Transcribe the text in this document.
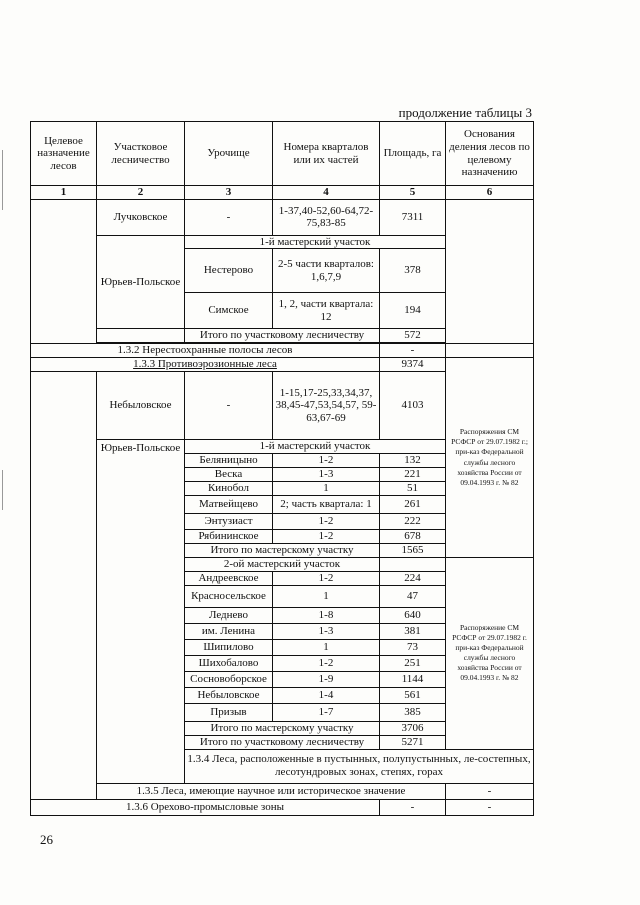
продолжение таблицы 3
Целевое назначение лесов	Участковое лесничество	Урочище	Номера кварталов или их частей	Площадь, га	Основания деления лесов по целевому назначению	
1	2	3	4	5	6	
	Лучковское	-	1-37,40-52,60-64,72-75,83-85	7311		
	Юрьев-Польское	1-й мастерский участок				
		Нестерово	2-5 части кварталов: 1,6,7,9	378		
		Симское	1, 2, части квартала: 12	194		
		Итого по участковому лесничеству		572		

1.3.2 Нерестоохранные полосы лесов				-		
1.3.3 Противоэрозионные леса				9374	Распоряжения СМ РСФСР от 29.07.1982 г.; при-каз Федеральной службы лесного хозяйства России от 09.04.1993 г. № 82	
	Небыловское	-	1-15,17-25,33,34,37, 38,45-47,53,54,57, 59-63,67-69	4103		
	Юрьев-Польское	1-й мастерский участок				
		Беляницыно	1-2	132		
		Веска	1-3	221		
		Кинобол	1	51		
		Матвейщево	2; часть квартала: 1	261		
		Энтузиаст	1-2	222		
		Рябининское	1-2	678		
		Итого по мастерскому участку		1565		
		2-ой мастерский участок			Распоряжение СМ РСФСР от 29.07.1982 г. при-каз Федеральной службы лесного хозяйства России от 09.04.1993 г. № 82	
		Андреевское	1-2	224		
		Красносельское	1	47		
		Леднево	1-8	640		
		им. Ленина	1-3	381		
		Шипилово	1	73		
		Шихобалово	1-2	251		
		Сосновоборское	1-9	1144		
		Небыловское	1-4	561		
		Призыв	1-7	385		
		Итого по мастерскому участку		3706		
		Итого по участковому лесничеству		5271		

		1.3.4 Леса, расположенные в пустынных, полупустынных, ле-состепных, лесотундровых зонах, степях, горах		
	1.3.5 Леса, имеющие научное или историческое значение				-	
1.3.6 Орехово-промысловые зоны				-	-	
26
